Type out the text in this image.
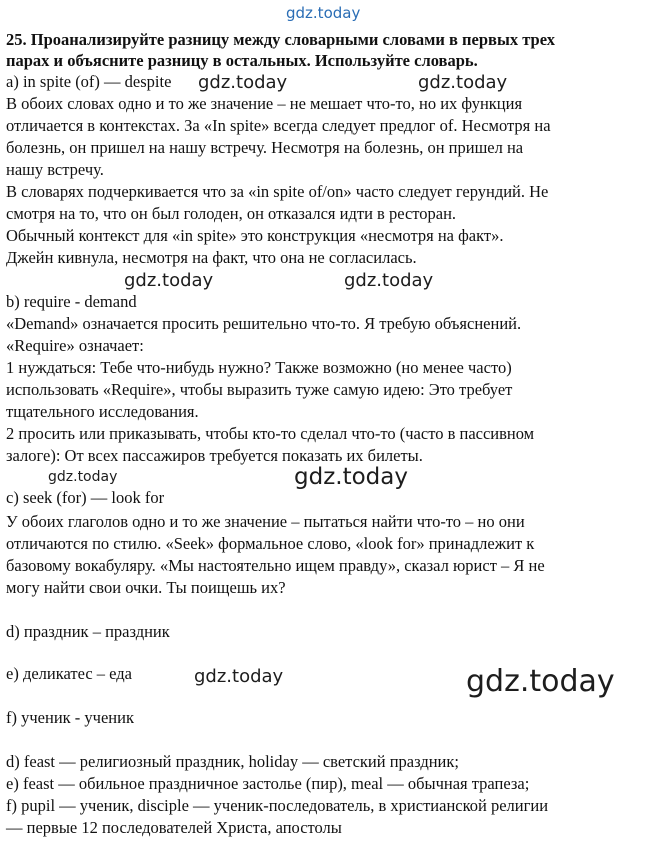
gdz.today
25. Проанализируйте разницу между словарными словами в первых трех
парах и объясните разницу в остальных. Используйте словарь.
a) in spite (of) — despite
В обоих словах одно и то же значение – не мешает что-то, но их функция
отличается в контекстах. За «In spite» всегда следует предлог of. Несмотря на
болезнь, он пришел на нашу встречу. Несмотря на болезнь, он пришел на
нашу встречу.
В словарях подчеркивается что за «in spite of/on» часто следует герундий. Не
смотря на то, что он был голоден, он отказался идти в ресторан.
Обычный контекст для «in spite» это конструкция «несмотря на факт».
Джейн кивнула, несмотря на факт, что она не согласилась.
b) require - demand
«Demand» означается просить решительно что-то. Я требую объяснений.
«Require» означает:
1 нуждаться: Тебе что-нибудь нужно? Также возможно (но менее часто)
использовать «Require», чтобы выразить туже самую идею: Это требует
тщательного исследования.
2 просить или приказывать, чтобы кто-то сделал что-то (часто в пассивном
залоге): От всех пассажиров требуется показать их билеты.
c) seek (for) — look for
У обоих глаголов одно и то же значение – пытаться найти что-то – но они
отличаются по стилю. «Seek» формальное слово, «look for» принадлежит к
базовому вокабуляру. «Мы настоятельно ищем правду», сказал юрист – Я не
могу найти свои очки. Ты поищешь их?
d) праздник – праздник
e) деликатес – еда
f) ученик - ученик
d) feast — религиозный праздник, holiday — светский праздник;
e) feast — обильное праздничное застолье (пир), meal — обычная трапеза;
f) pupil — ученик, disciple — ученик-последователь, в христианской религии
— первые 12 последователей Христа, апостолы
gdz.today	gdz.today
gdz.today	gdz.today
gdz.today	gdz.today
gdz.today	gdz.today
